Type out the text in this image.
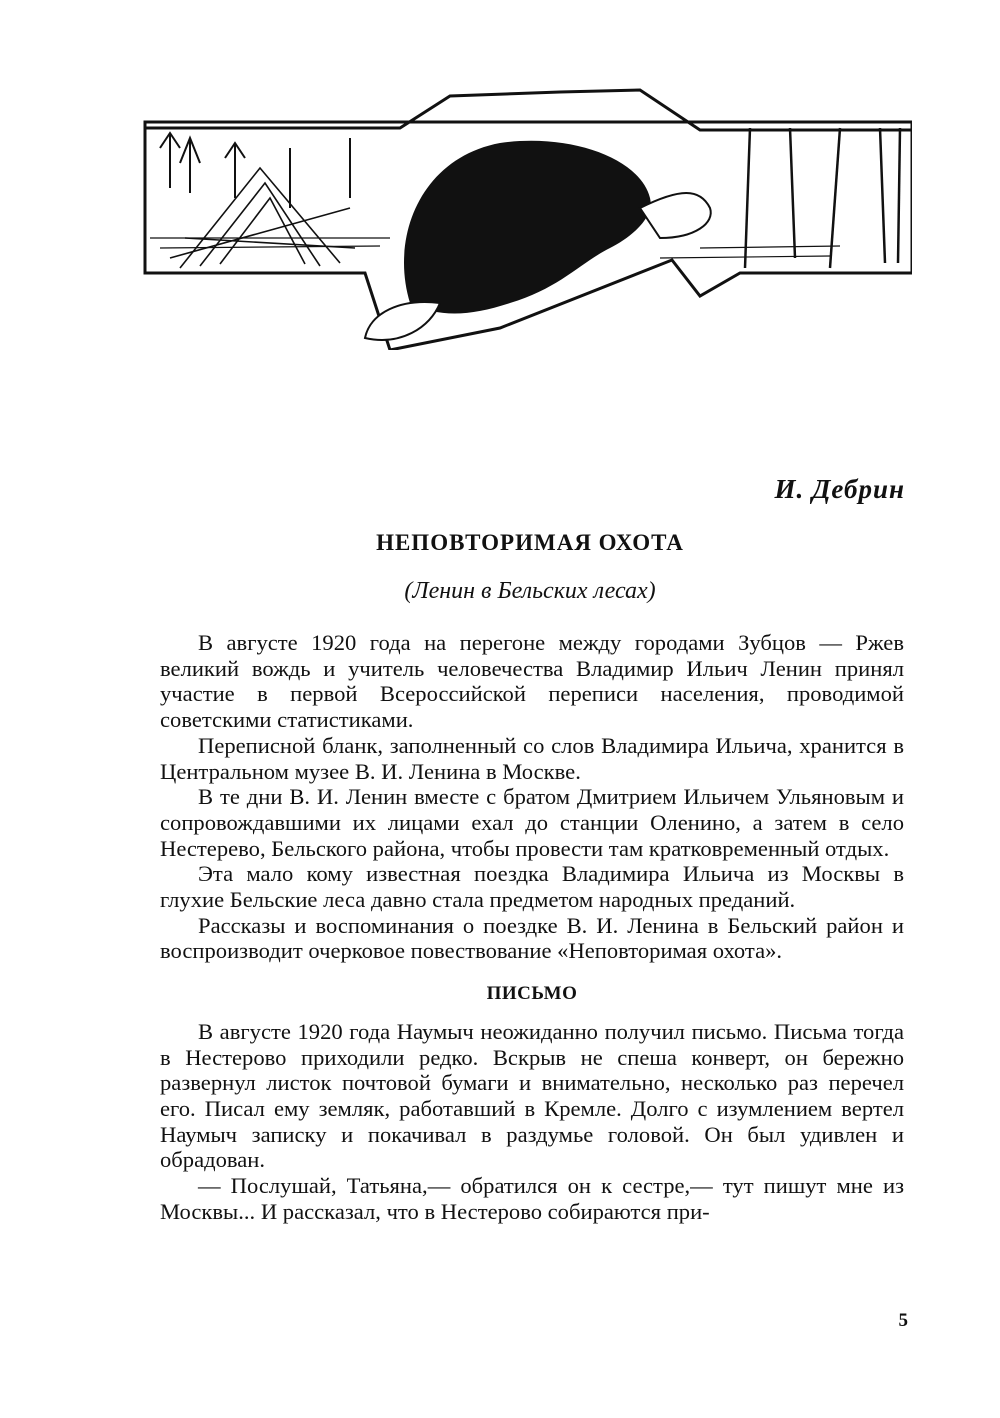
И. Дебрин
НЕПОВТОРИМАЯ ОХОТА
(Ленин в Бельских лесах)

В августе 1920 года на перегоне между городами Зубцов — Ржев великий вождь и учитель человечества Владимир Ильич Ленин принял участие в первой Всероссийской переписи населения, проводимой советскими статистиками.

Переписной бланк, заполненный со слов Владимира Ильича, хранится в Центральном музее В. И. Ленина в Москве.

В те дни В. И. Ленин вместе с братом Дмитрием Ильичем Ульяновым и сопровождавшими их лицами ехал до станции Оленино, а затем в село Нестерево, Бельского района, чтобы провести там кратковременный отдых.

Эта мало кому известная поездка Владимира Ильича из Москвы в глухие Бельские леса давно стала предметом народных преданий.

Рассказы и воспоминания о поездке В. И. Ленина в Бельский район и воспроизводит очерковое повествование «Неповторимая охота».

ПИСЬМО

В августе 1920 года Наумыч неожиданно получил письмо. Письма тогда в Нестерово приходили редко. Вскрыв не спеша конверт, он бережно развернул листок почтовой бумаги и внимательно, несколько раз перечел его. Писал ему земляк, работавший в Кремле. Долго с изумлением вертел Наумыч записку и покачивал в раздумье головой. Он был удивлен и обрадован.

— Послушай, Татьяна,— обратился он к сестре,— тут пишут мне из Москвы... И рассказал, что в Нестерово собираются при-

5
